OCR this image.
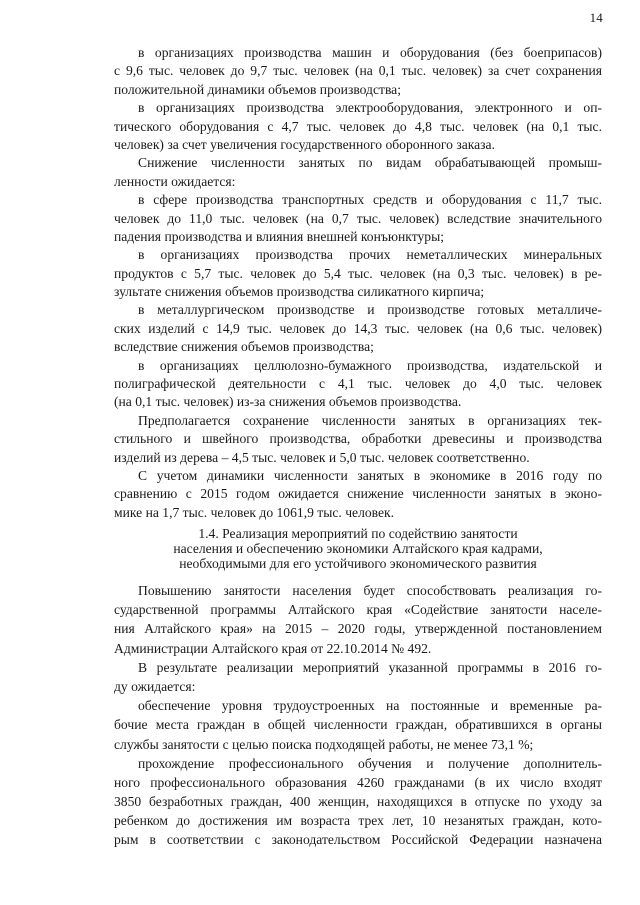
14
в организациях производства машин и оборудования (без боеприпасов)
с 9,6 тыс. человек до 9,7 тыс. человек (на 0,1 тыс. человек) за счет сохранения
положительной динамики объемов производства;
в организациях производства электрооборудования, электронного и оп-
тического оборудования с 4,7 тыс. человек до 4,8 тыс. человек (на 0,1 тыс.
человек) за счет увеличения государственного оборонного заказа.
Снижение численности занятых по видам обрабатывающей промыш-
ленности ожидается:
в сфере производства транспортных средств и оборудования с 11,7 тыс.
человек до 11,0 тыс. человек (на 0,7 тыс. человек) вследствие значительного
падения производства и влияния внешней конъюнктуры;
в организациях производства прочих неметаллических минеральных
продуктов с 5,7 тыс. человек до 5,4 тыс. человек (на 0,3 тыс. человек) в ре-
зультате снижения объемов производства силикатного кирпича;
в металлургическом производстве и производстве готовых металличе-
ских изделий с 14,9 тыс. человек до 14,3 тыс. человек (на 0,6 тыс. человек)
вследствие снижения объемов производства;
в организациях целлюлозно-бумажного производства, издательской и
полиграфической деятельности с 4,1 тыс. человек до 4,0 тыс. человек
(на 0,1 тыс. человек) из-за снижения объемов производства.
Предполагается сохранение численности занятых в организациях тек-
стильного и швейного производства, обработки древесины и производства
изделий из дерева – 4,5 тыс. человек и 5,0 тыс. человек соответственно.
С учетом динамики численности занятых в экономике в 2016 году по
сравнению с 2015 годом ожидается снижение численности занятых в эконо-
мике на 1,7 тыс. человек до 1061,9 тыс. человек.
1.4. Реализация мероприятий по содействию занятости
населения и обеспечению экономики Алтайского края кадрами,
необходимыми для его устойчивого экономического развития
Повышению занятости населения будет способствовать реализация го-
сударственной программы Алтайского края «Содействие занятости населе-
ния Алтайского края» на 2015 – 2020 годы, утвержденной постановлением
Администрации Алтайского края от 22.10.2014 № 492.
В результате реализации мероприятий указанной программы в 2016 го-
ду ожидается:
обеспечение уровня трудоустроенных на постоянные и временные ра-
бочие места граждан в общей численности граждан, обратившихся в органы
службы занятости с целью поиска подходящей работы, не менее 73,1 %;
прохождение профессионального обучения и получение дополнитель-
ного профессионального образования 4260 гражданами (в их число входят
3850 безработных граждан, 400 женщин, находящихся в отпуске по уходу за
ребенком до достижения им возраста трех лет, 10 незанятых граждан, кото-
рым в соответствии с законодательством Российской Федерации назначена
